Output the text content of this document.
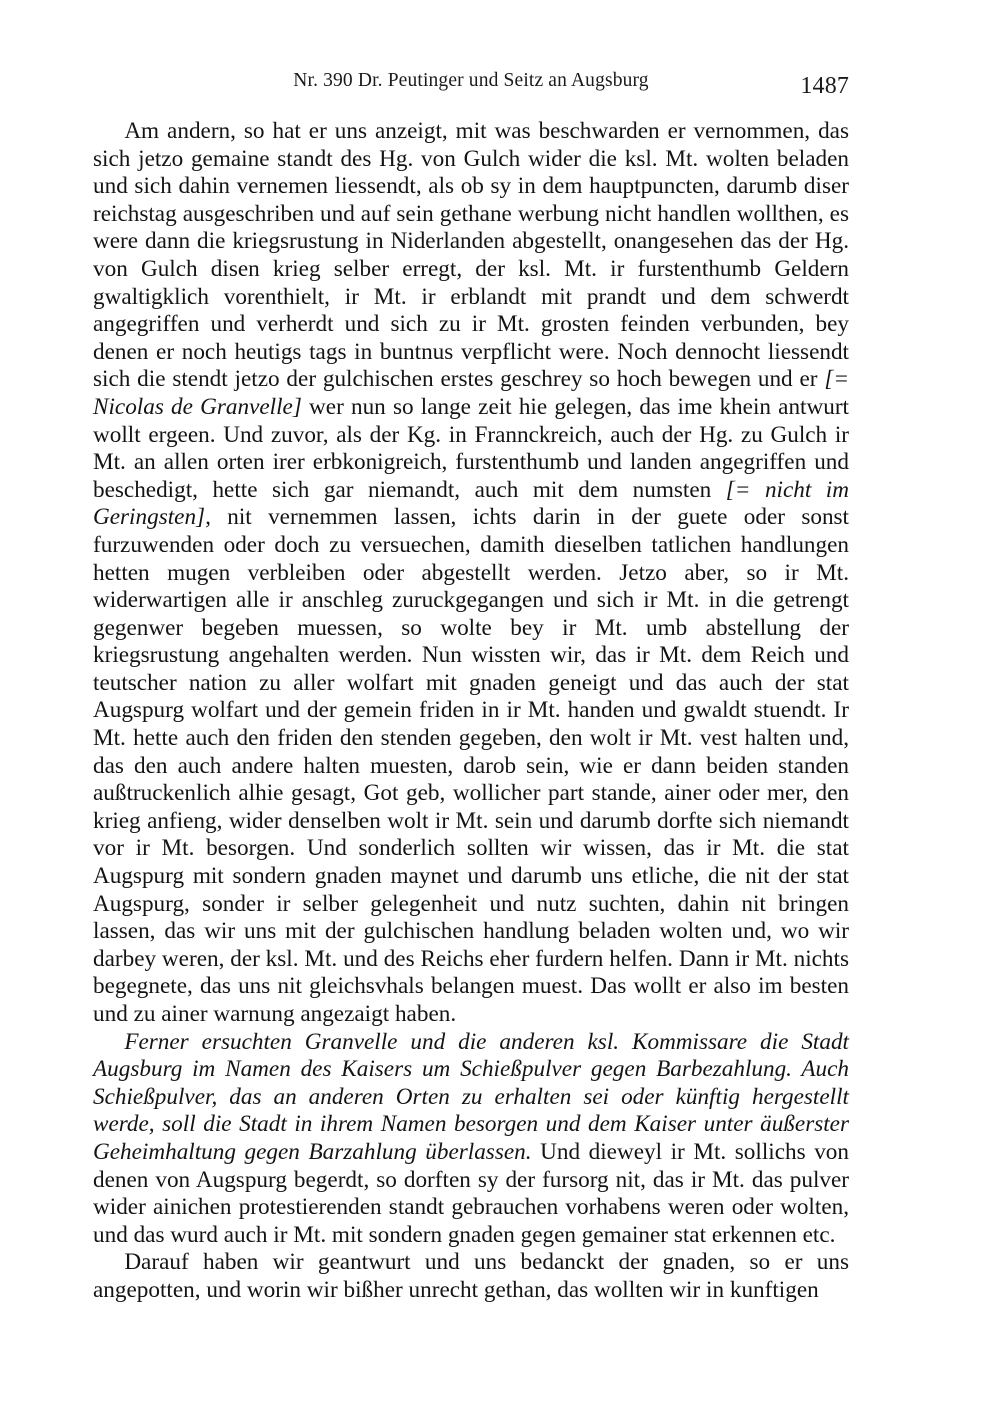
Nr. 390 Dr. Peutinger und Seitz an Augsburg	1487

Am andern, so hat er uns anzeigt, mit was beschwarden er vernommen, das sich jetzo gemaine standt des Hg. von Gulch wider die ksl. Mt. wolten beladen und sich dahin vernemen liessendt, als ob sy in dem hauptpuncten, darumb diser reichstag ausgeschriben und auf sein gethane werbung nicht handlen wollthen, es were dann die kriegsrustung in Niderlanden abgestellt, onangesehen das der Hg. von Gulch disen krieg selber erregt, der ksl. Mt. ir furstenthumb Geldern gwaltigklich vorenthielt, ir Mt. ir erblandt mit prandt und dem schwerdt angegriffen und verherdt und sich zu ir Mt. grosten feinden verbunden, bey denen er noch heutigs tags in buntnus verpflicht were. Noch dennocht liessendt sich die stendt jetzo der gulchischen erstes geschrey so hoch bewegen und er [= Nicolas de Granvelle] wer nun so lange zeit hie gelegen, das ime khein antwurt wollt ergeen. Und zuvor, als der Kg. in Frannckreich, auch der Hg. zu Gulch ir Mt. an allen orten irer erbkonigreich, furstenthumb und landen angegriffen und beschedigt, hette sich gar niemandt, auch mit dem numsten [= nicht im Geringsten], nit vernemmen lassen, ichts darin in der guete oder sonst furzuwenden oder doch zu versuechen, damith dieselben tatlichen handlungen hetten mugen verbleiben oder abgestellt werden. Jetzo aber, so ir Mt. widerwartigen alle ir anschleg zuruckgegangen und sich ir Mt. in die getrengt gegenwer begeben muessen, so wolte bey ir Mt. umb abstellung der kriegsrustung angehalten werden. Nun wissten wir, das ir Mt. dem Reich und teutscher nation zu aller wolfart mit gnaden geneigt und das auch der stat Augspurg wolfart und der gemein friden in ir Mt. handen und gwaldt stuendt. Ir Mt. hette auch den friden den stenden gegeben, den wolt ir Mt. vest halten und, das den auch andere halten muesten, darob sein, wie er dann beiden standen außtruckenlich alhie gesagt, Got geb, wollicher part stande, ainer oder mer, den krieg anfieng, wider denselben wolt ir Mt. sein und darumb dorfte sich niemandt vor ir Mt. besorgen. Und sonderlich sollten wir wissen, das ir Mt. die stat Augspurg mit sondern gnaden maynet und darumb uns etliche, die nit der stat Augspurg, sonder ir selber gelegenheit und nutz suchten, dahin nit bringen lassen, das wir uns mit der gulchischen handlung beladen wolten und, wo wir darbey weren, der ksl. Mt. und des Reichs eher furdern helfen. Dann ir Mt. nichts begegnete, das uns nit gleichsvhals belangen muest. Das wollt er also im besten und zu ainer warnung angezaigt haben.

Ferner ersuchten Granvelle und die anderen ksl. Kommissare die Stadt Augsburg im Namen des Kaisers um Schießpulver gegen Barbezahlung. Auch Schießpulver, das an anderen Orten zu erhalten sei oder künftig hergestellt werde, soll die Stadt in ihrem Namen besorgen und dem Kaiser unter äußerster Geheimhaltung gegen Barzahlung überlassen. Und dieweyl ir Mt. sollichs von denen von Augspurg begerdt, so dorften sy der fursorg nit, das ir Mt. das pulver wider ainichen protestierenden standt gebrauchen vorhabens weren oder wolten, und das wurd auch ir Mt. mit sondern gnaden gegen gemainer stat erkennen etc.

Darauf haben wir geantwurt und uns bedanckt der gnaden, so er uns angepotten, und worin wir bißher unrecht gethan, das wollten wir in kunftigen
